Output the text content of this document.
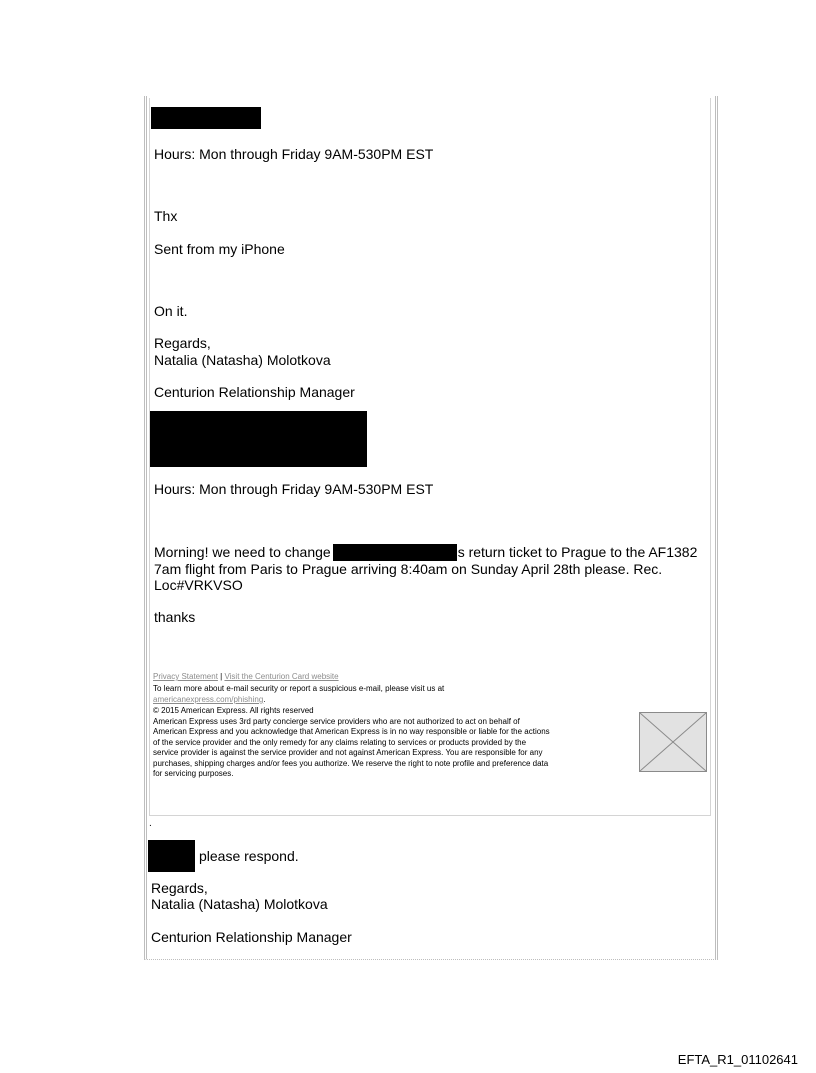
Hours: Mon through Friday 9AM-530PM EST
Thx
Sent from my iPhone
On it.
Regards,
Natalia (Natasha) Molotkova
Centurion Relationship Manager
Hours: Mon through Friday 9AM-530PM EST
Morning! we need to change	s return ticket to Prague to the AF1382
7am flight from Paris to Prague arriving 8:40am on Sunday April 28th please. Rec.
Loc#VRKVSO
thanks
Privacy Statement | Visit the Centurion Card website
To learn more about e-mail security or report a suspicious e-mail, please visit us at
americanexpress.com/phishing.
© 2015 American Express. All rights reserved
American Express uses 3rd party concierge service providers who are not authorized to act on behalf of
American Express and you acknowledge that American Express is in no way responsible or liable for the actions
of the service provider and the only remedy for any claims relating to services or products provided by the
service provider is against the service provider and not against American Express. You are responsible for any
purchases, shipping charges and/or fees you authorize. We reserve the right to note profile and preference data
for servicing purposes.
.
please respond.
Regards,
Natalia (Natasha) Molotkova
Centurion Relationship Manager
EFTA_R1_01102641
